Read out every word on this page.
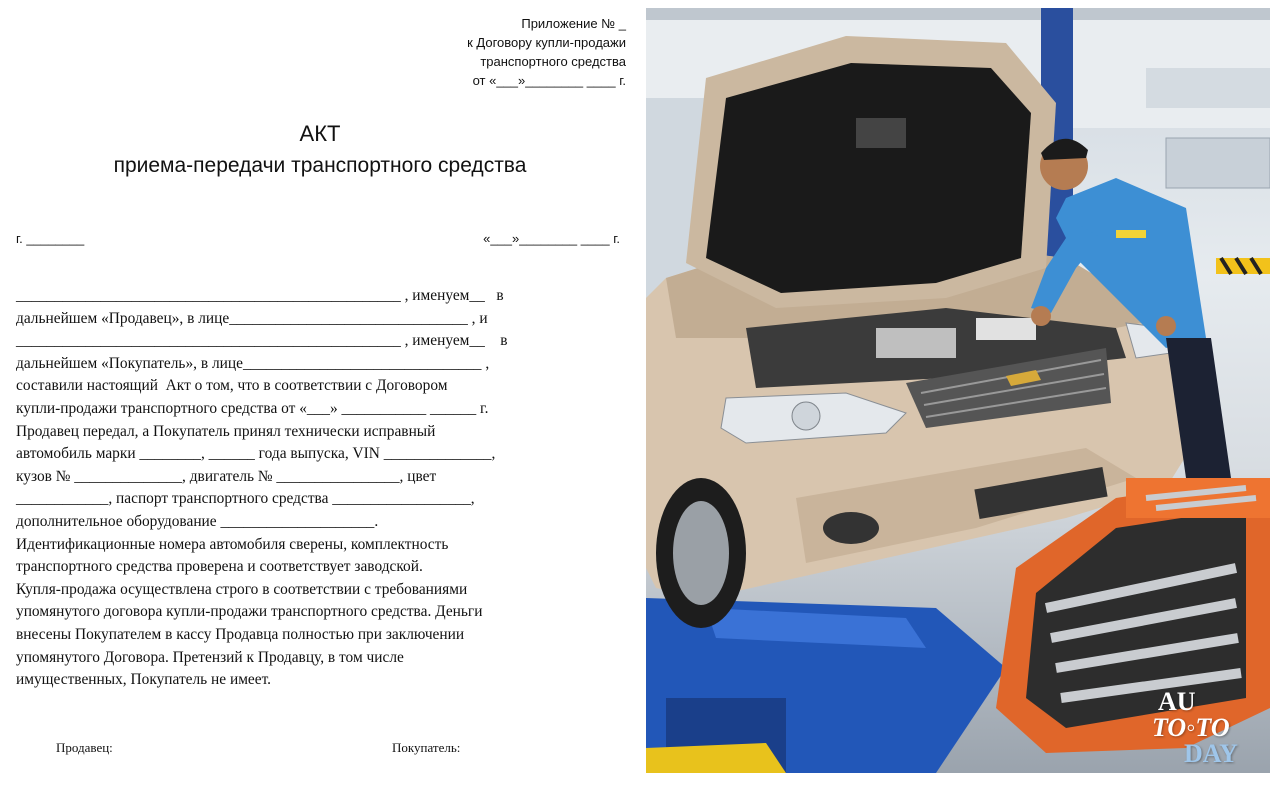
Приложение № _
к Договору купли-продажи
транспортного средства
от «___»________ ____ г.
АКТ
приема-передачи транспортного средства
г. ________	«___»________ ____ г.
__________________________________________________ , именуем__   в
дальнейшем «Продавец», в лице_______________________________ , и
__________________________________________________ , именуем__    в
дальнейшем «Покупатель», в лице_______________________________ ,
составили настоящий  Акт о том, что в соответствии с Договором
купли-продажи транспортного средства от «___» ___________ ______ г.
Продавец передал, а Покупатель принял технически исправный
автомобиль марки ________, ______ года выпуска, VIN ______________,
кузов № ______________, двигатель № ________________, цвет
____________, паспорт транспортного средства __________________,
дополнительное оборудование ____________________.
Идентификационные номера автомобиля сверены, комплектность
транспортного средства проверена и соответствует заводской.
Купля-продажа осуществлена строго в соответствии с требованиями
упомянутого договора купли-продажи транспортного средства. Деньги
внесены Покупателем в кассу Продавца полностью при заключении
упомянутого Договора. Претензий к Продавцу, в том числе
имущественных, Покупатель не имеет.
Продавец:	Покупатель:
AU
TO◦TO
DAY
